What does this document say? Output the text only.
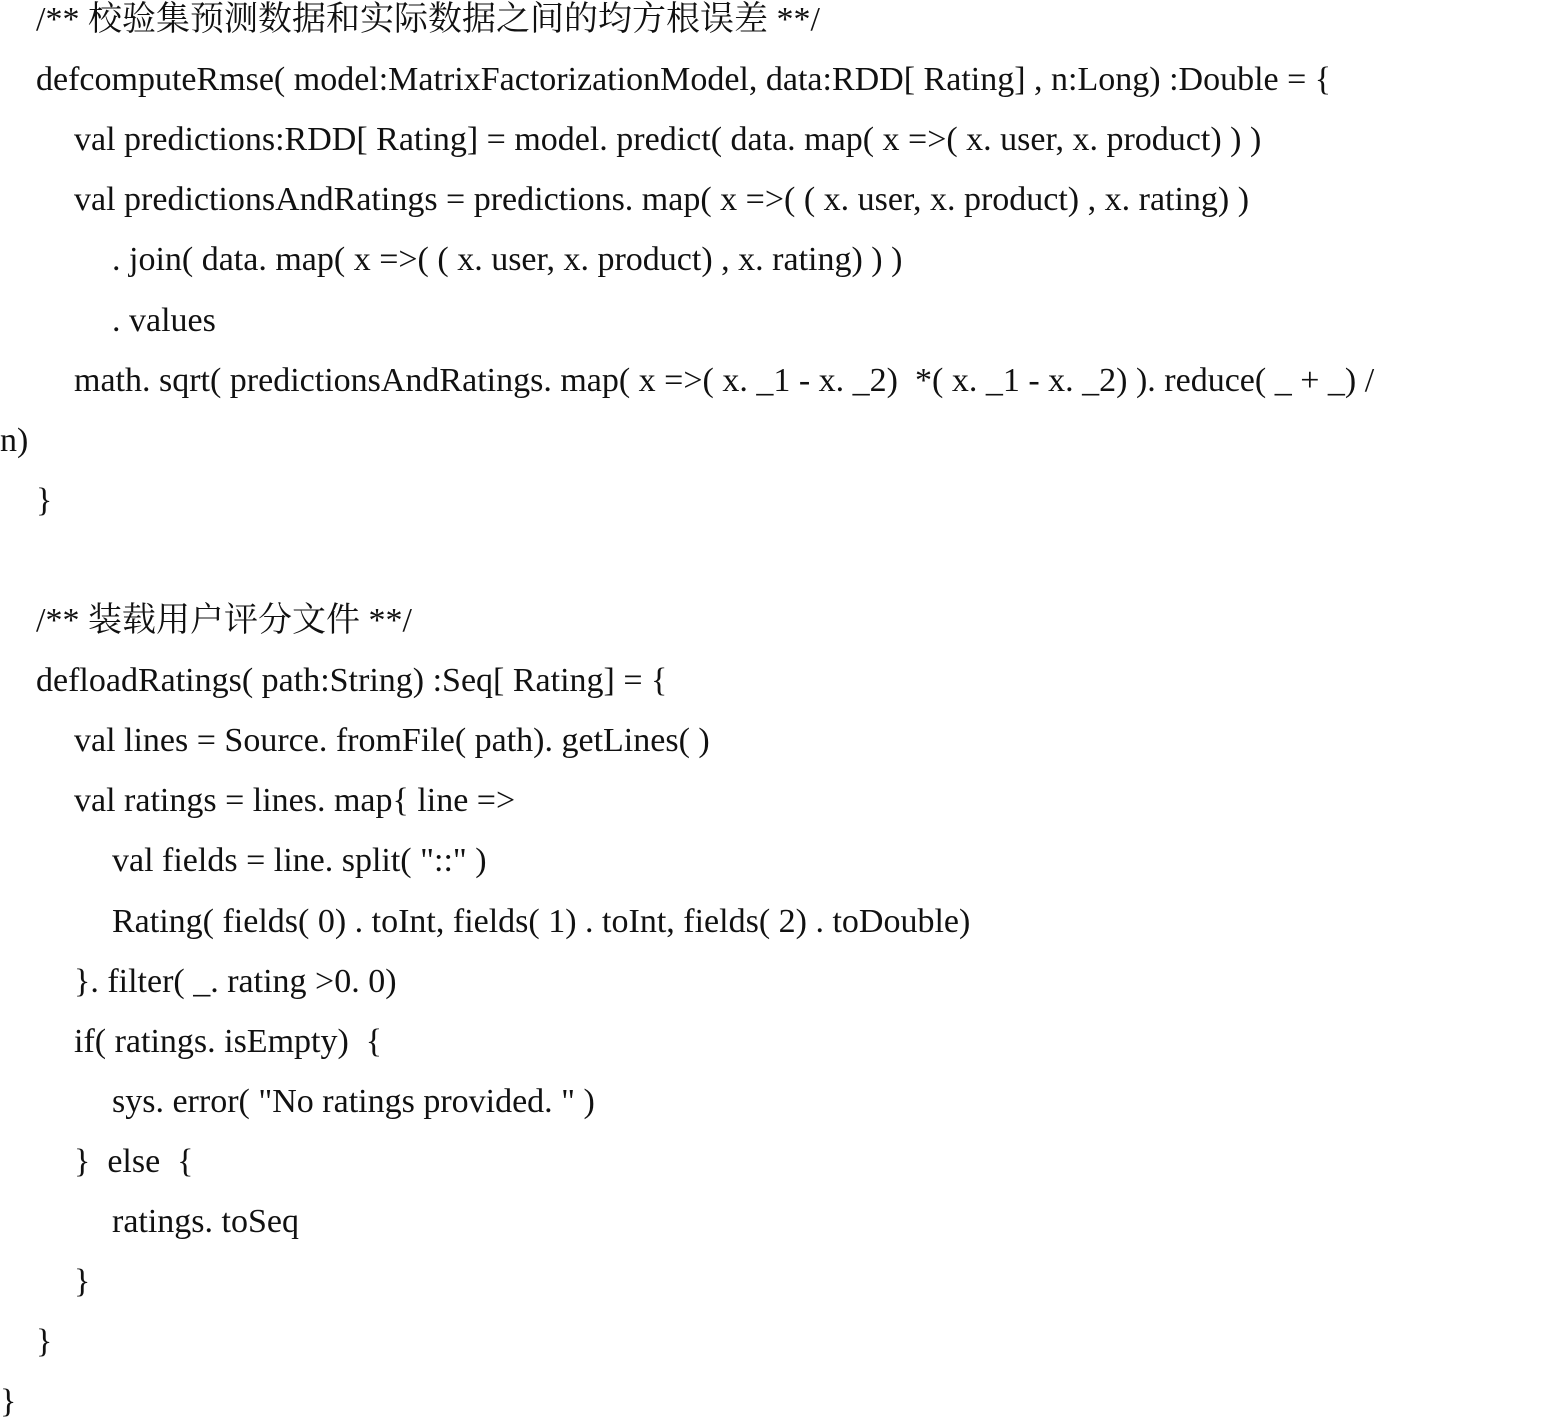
/** 校验集预测数据和实际数据之间的均方根误差 **/
defcomputeRmse( model:MatrixFactorizationModel, data:RDD[ Rating] , n:Long) :Double = {
val predictions:RDD[ Rating] = model. predict( data. map( x =>( x. user, x. product) ) )
val predictionsAndRatings = predictions. map( x =>( ( x. user, x. product) , x. rating) )
. join( data. map( x =>( ( x. user, x. product) , x. rating) ) )
. values
math. sqrt( predictionsAndRatings. map( x =>( x. _1 - x. _2)  *( x. _1 - x. _2) ). reduce( _ + _) /
n)
}
/** 装载用户评分文件 **/
defloadRatings( path:String) :Seq[ Rating] = {
val lines = Source. fromFile( path). getLines( )
val ratings = lines. map{ line =>
val fields = line. split( "::" )
Rating( fields( 0) . toInt, fields( 1) . toInt, fields( 2) . toDouble)
}. filter( _. rating >0. 0)
if( ratings. isEmpty)  {
sys. error( "No ratings provided. " )
}  else  {
ratings. toSeq
}
}
}
